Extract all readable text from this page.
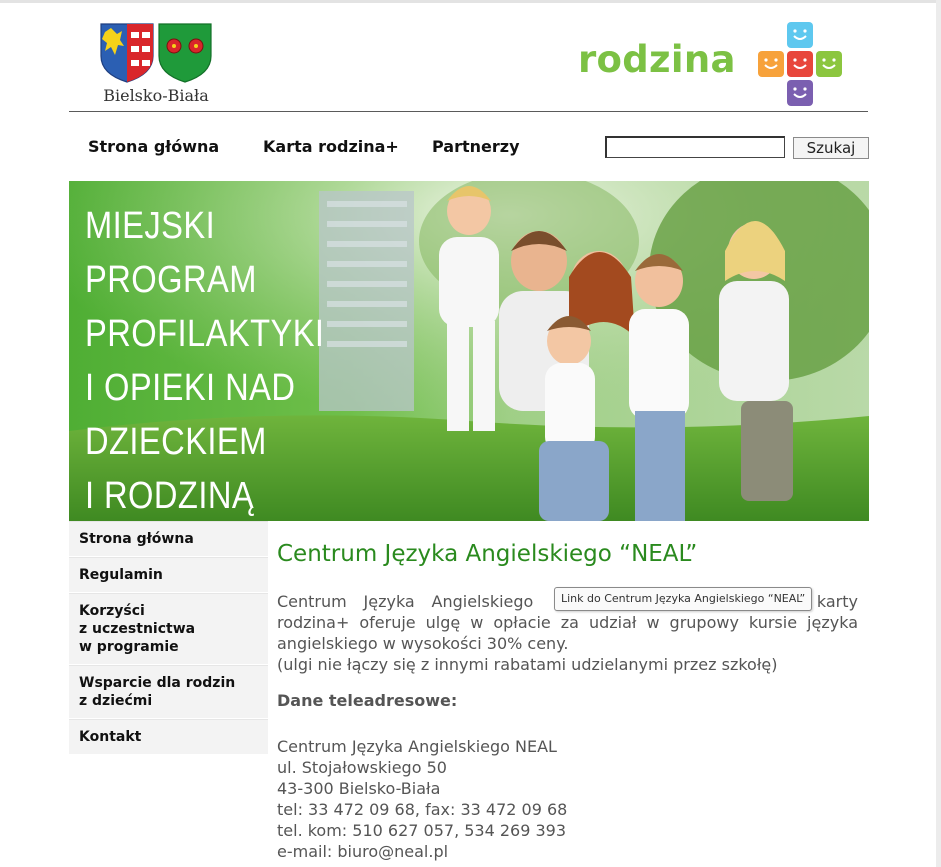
Bielsko-Biała
rodzina
Strona główna	Karta rodzina+ Partnerzy	Szukaj
MIEJSKI
PROGRAM
PROFILAKTYKI
I OPIEKI NAD
DZIECKIEM
I RODZINĄ
Strona główna
Regulamin
Korzyści
z uczestnictwa
w programie
Wsparcie dla rodzin
z dziećmi
Kontakt
Centrum Języka Angielskiego “NEAL”

Centrum Języka Angielskiego	karty rodzina+ oferuje ulgę w opłacie za udział w grupowy kursie języka angielskiego w wysokości 30% ceny.
(ulgi nie łączy się z innymi rabatami udzielanymi przez szkołę)

Dane teleadresowe:
Centrum Języka Angielskiego NEAL
ul. Stojałowskiego 50
43-300 Bielsko-Biała
tel: 33 472 09 68, fax: 33 472 09 68
tel. kom: 510 627 057, 534 269 393
e-mail: biuro@neal.pl
Link do Centrum Języka Angielskiego “NEAL”
